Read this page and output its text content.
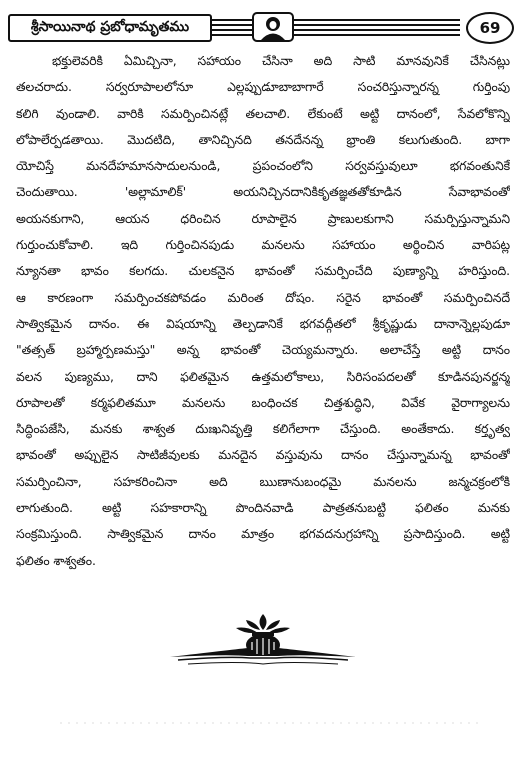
శ్రీసాయినాథ ప్రబోధామృతము	69
భక్తులెవరికి ఏమిచ్చినా, సహాయం చేసినా అది సాటి మానవునికే చేసినట్లు
తలచరాదు. సర్వరూపాలలోనూ ఎల్లప్పుడూబాబాగారే సంచరిస్తున్నారన్న గుర్తింపు
కలిగి వుండాలి. వారికి సమర్పించినట్లే తలచాలి. లేకుంటే అట్టి దానంలో, సేవలోకొన్ని
లోపాలేర్పడతాయి. మొదటిది, తానిచ్చినది తనదేనన్న భ్రాంతి కలుగుతుంది. బాగా
యోచిస్తే మనదేహమానసాదులనుండి, ప్రపంచంలోని సర్వవస్తువులూ భగవంతునికే
చెందుతాయి. 'అల్లామాలిక్' అయనిచ్చినదానికికృతజ్ఞతతోకూడిన సేవాభావంతో
అయనకుగాని, ఆయన ధరించిన రూపాలైన ప్రాణులకుగాని సమర్పిస్తున్నామని
గుర్తుంచుకోవాలి. ఇది గుర్తించినపుడు మనలను సహాయం అర్థించిన వారిపట్ల
న్యూనతా భావం కలగదు. చులకనైన భావంతో సమర్పించేది పుణ్యాన్ని హరిస్తుంది.
ఆ కారణంగా సమర్పించకపోవడం మరింత దోషం. సరైన భావంతో సమర్పించినదే
సాత్వికమైన దానం. ఈ విషయాన్ని తెల్పడానికే భగవద్గీతలో శ్రీకృష్ణుడు దానాన్నెల్లపుడూ
"తత్సత్ బ్రహ్మార్పణమస్తు" అన్న భావంతో చెయ్యమన్నారు. అలాచేస్తే అట్టి దానం
వలన పుణ్యము, దాని ఫలితమైన ఉత్తమలోకాలు, సిరిసంపదలతో కూడినపునర్జన్మ
రూపాలతో కర్మఫలితమూ మనలను బంధించక చిత్తశుద్ధిని, వివేక వైరాగ్యాలను
సిద్ధింపజేసి, మనకు శాశ్వత దుఃఖనివృత్తి కలిగేలాగా చేస్తుంది. అంతేకాదు. కర్తృత్వ
భావంతో అప్పులైన సాటిజీవులకు మనదైన వస్తువును దానం చేస్తున్నామన్న భావంతో
సమర్పించినా, సహకరించినా అది ఋణానుబంధమై మనలను జన్మచక్రంలోకి
లాగుతుంది. అట్టి సహకారాన్ని పొందినవాడి పాత్రతనుబట్టి ఫలితం మనకు
సంక్రమిస్తుంది. సాత్వికమైన దానం మాత్రం భగవదనుగ్రహాన్ని ప్రసాదిస్తుంది. అట్టి
ఫలితం శాశ్వతం.
